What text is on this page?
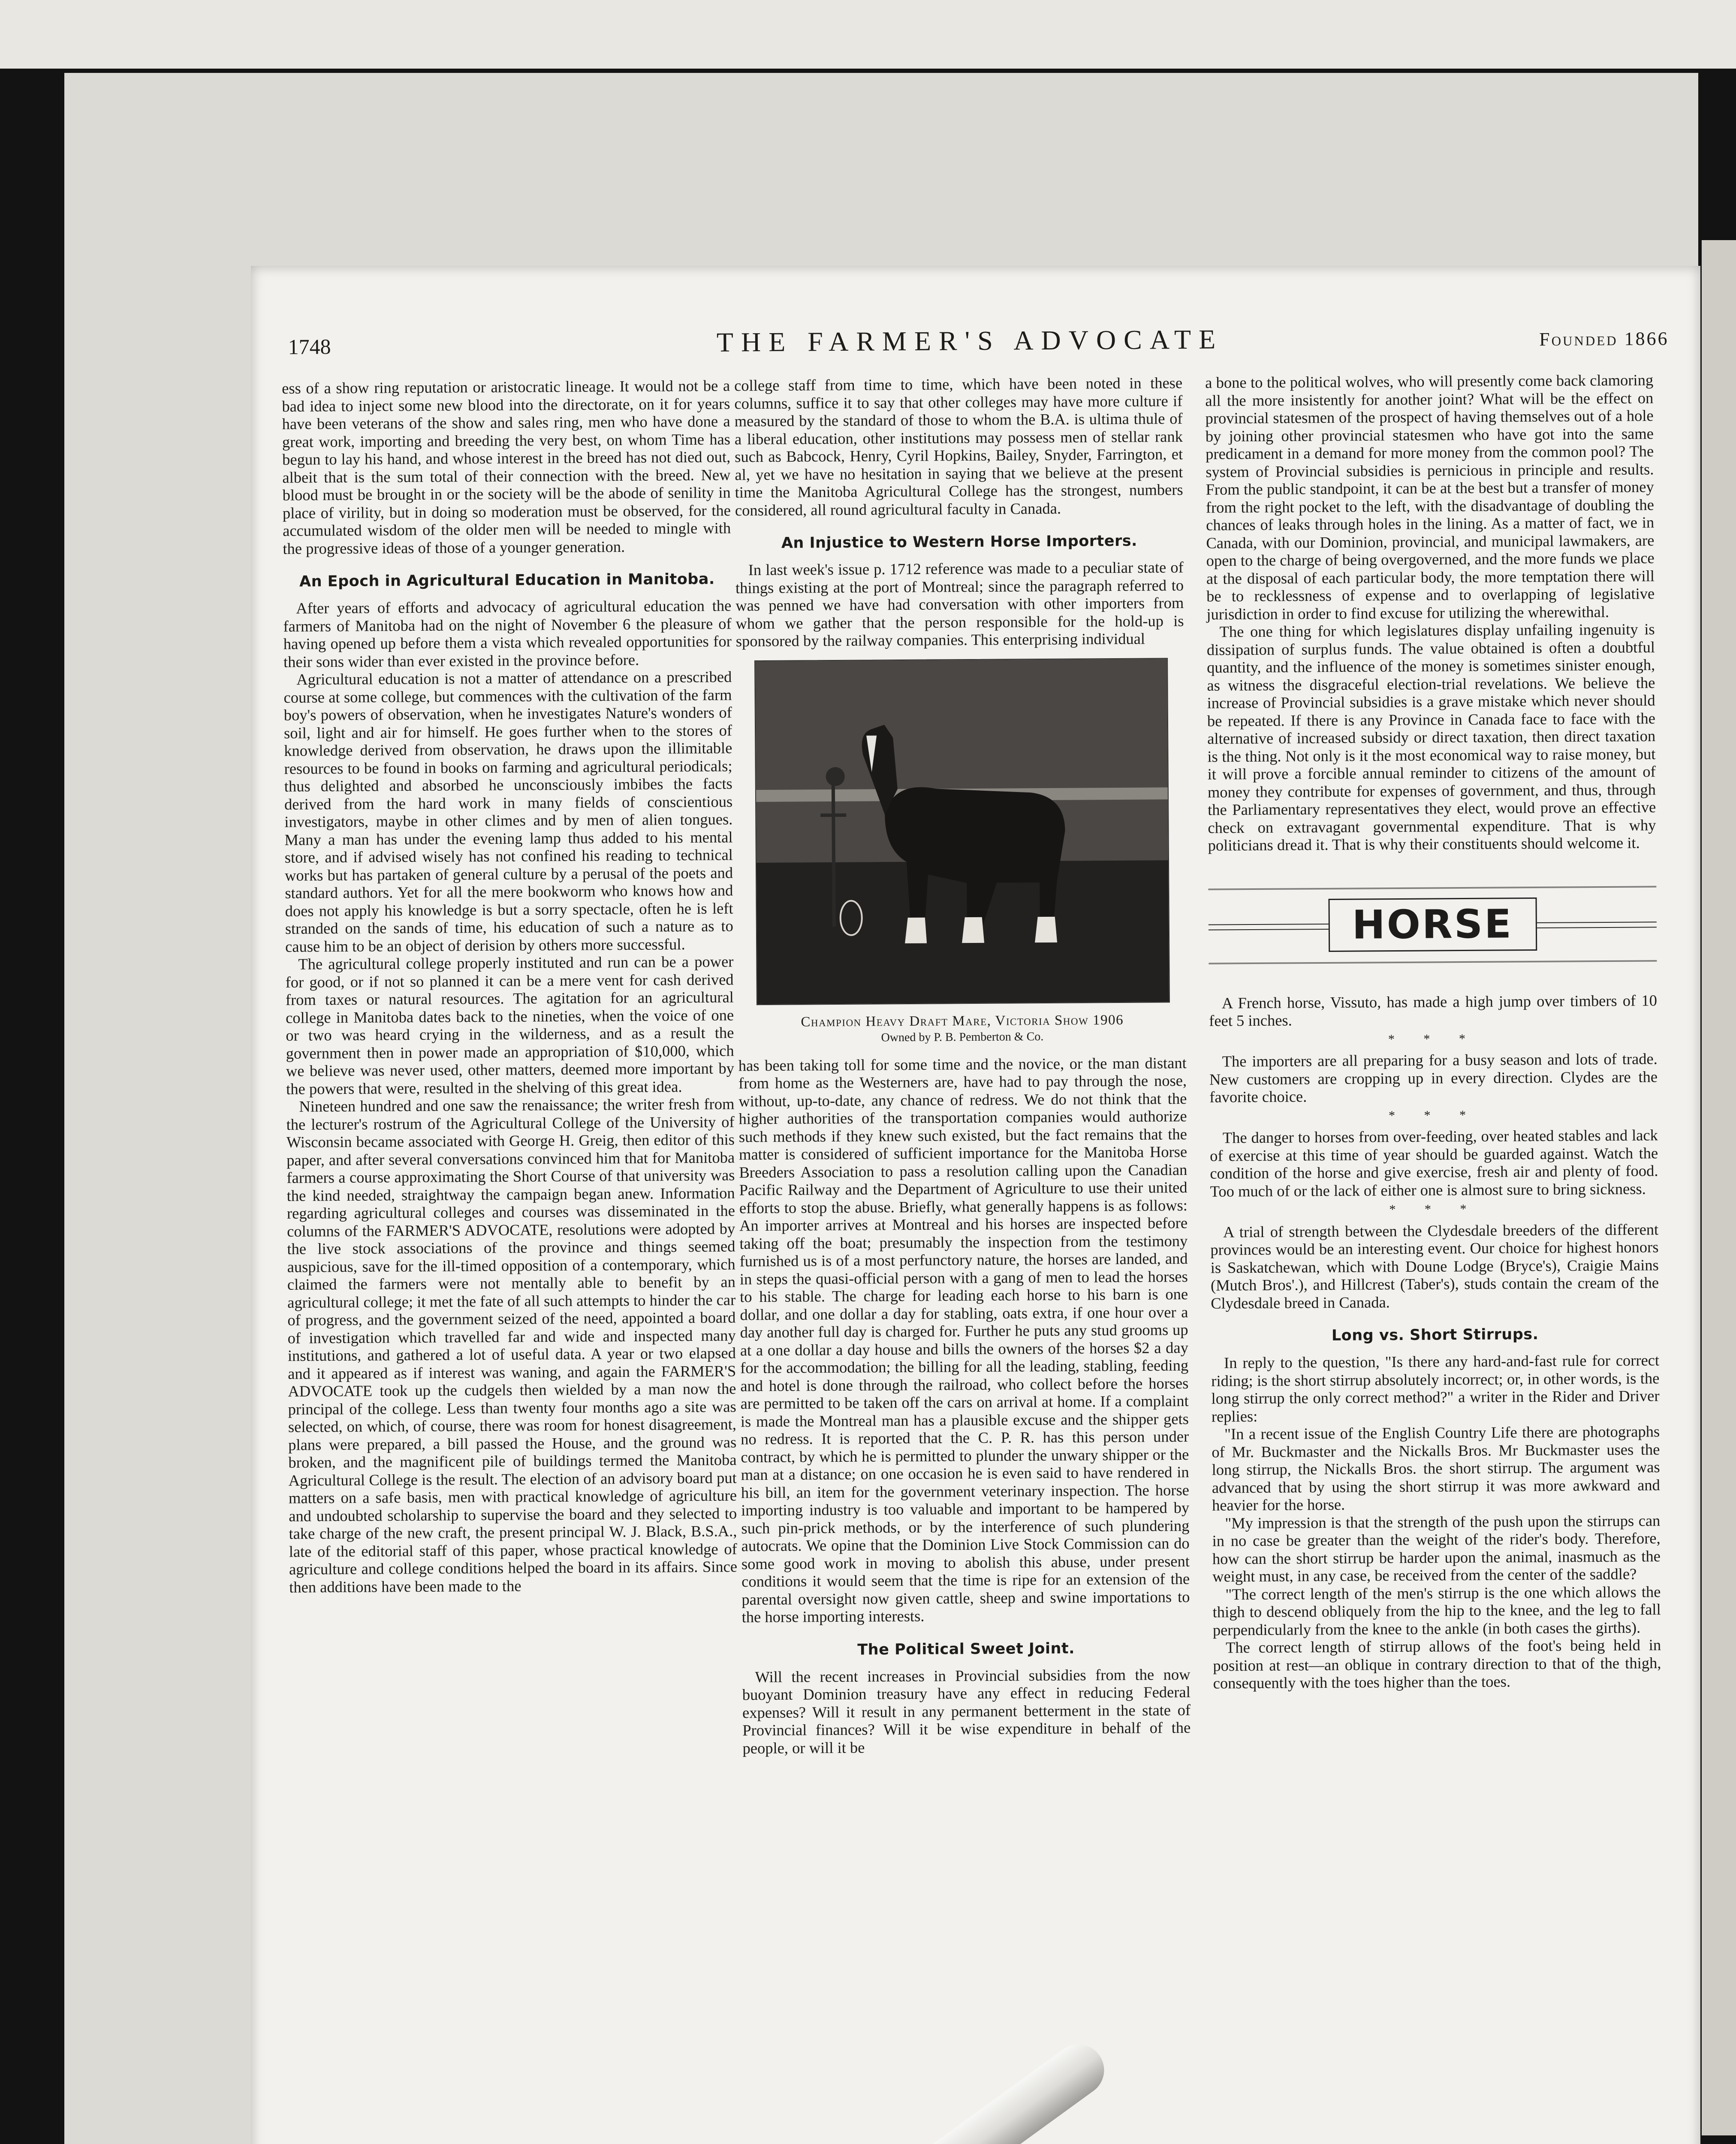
1748	THE FARMER'S ADVOCATE	Founded 1866

ess of a show ring reputation or aristocratic lineage. It would not be a bad idea to inject some new blood into the directorate, on it for years have been veterans of the show and sales ring, men who have done a great work, importing and breeding the very best, on whom Time has begun to lay his hand, and whose interest in the breed has not died out, albeit that is the sum total of their connection with the breed. New blood must be brought in or the society will be the abode of senility in place of virility, but in doing so moderation must be observed, for the accumulated wisdom of the older men will be needed to mingle with the progressive ideas of those of a younger generation.

An Epoch in Agricultural Education in Manitoba.

After years of efforts and advocacy of agricultural education the farmers of Manitoba had on the night of November 6 the pleasure of having opened up before them a vista which revealed opportunities for their sons wider than ever existed in the province before.

Agricultural education is not a matter of attendance on a prescribed course at some college, but commences with the cultivation of the farm boy's powers of observation, when he investigates Nature's wonders of soil, light and air for himself. He goes further when to the stores of knowledge derived from observation, he draws upon the illimitable resources to be found in books on farming and agricultural periodicals; thus delighted and absorbed he unconsciously imbibes the facts derived from the hard work in many fields of conscientious investigators, maybe in other climes and by men of alien tongues. Many a man has under the evening lamp thus added to his mental store, and if advised wisely has not confined his reading to technical works but has partaken of general culture by a perusal of the poets and standard authors. Yet for all the mere bookworm who knows how and does not apply his knowledge is but a sorry spectacle, often he is left stranded on the sands of time, his education of such a nature as to cause him to be an object of derision by others more successful.

The agricultural college properly instituted and run can be a power for good, or if not so planned it can be a mere vent for cash derived from taxes or natural resources. The agitation for an agricultural college in Manitoba dates back to the nineties, when the voice of one or two was heard crying in the wilderness, and as a result the government then in power made an appropriation of $10,000, which we believe was never used, other matters, deemed more important by the powers that were, resulted in the shelving of this great idea.

Nineteen hundred and one saw the renaissance; the writer fresh from the lecturer's rostrum of the Agricultural College of the University of Wisconsin became associated with George H. Greig, then editor of this paper, and after several conversations convinced him that for Manitoba farmers a course approximating the Short Course of that university was the kind needed, straightway the campaign began anew. Information regarding agricultural colleges and courses was disseminated in the columns of the FARMER'S ADVOCATE, resolutions were adopted by the live stock associations of the province and things seemed auspicious, save for the ill-timed opposition of a contemporary, which claimed the farmers were not mentally able to benefit by an agricultural college; it met the fate of all such attempts to hinder the car of progress, and the government seized of the need, appointed a board of investigation which travelled far and wide and inspected many institutions, and gathered a lot of useful data. A year or two elapsed and it appeared as if interest was waning, and again the FARMER'S ADVOCATE took up the cudgels then wielded by a man now the principal of the college. Less than twenty four months ago a site was selected, on which, of course, there was room for honest disagreement, plans were prepared, a bill passed the House, and the ground was broken, and the magnificent pile of buildings termed the Manitoba Agricultural College is the result. The election of an advisory board put matters on a safe basis, men with practical knowledge of agriculture and undoubted scholarship to supervise the board and they selected to take charge of the new craft, the present principal W. J. Black, B.S.A., late of the editorial staff of this paper, whose practical knowledge of agriculture and college conditions helped the board in its affairs. Since then additions have been made to the

college staff from time to time, which have been noted in these columns, suffice it to say that other colleges may have more culture if measured by the standard of those to whom the B.A. is ultima thule of a liberal education, other institutions may possess men of stellar rank such as Babcock, Henry, Cyril Hopkins, Bailey, Snyder, Farrington, et al, yet we have no hesitation in saying that we believe at the present time the Manitoba Agricultural College has the strongest, numbers considered, all round agricultural faculty in Canada.

An Injustice to Western Horse Importers.

In last week's issue p. 1712 reference was made to a peculiar state of things existing at the port of Montreal; since the paragraph referred to was penned we have had conversation with other importers from whom we gather that the person responsible for the hold-up is sponsored by the railway companies. This enterprising individual

Champion Heavy Draft Mare, Victoria Show 1906
Owned by P. B. Pemberton & Co.

has been taking toll for some time and the novice, or the man distant from home as the Westerners are, have had to pay through the nose, without, up-to-date, any chance of redress. We do not think that the higher authorities of the transportation companies would authorize such methods if they knew such existed, but the fact remains that the matter is considered of sufficient importance for the Manitoba Horse Breeders Association to pass a resolution calling upon the Canadian Pacific Railway and the Department of Agriculture to use their united efforts to stop the abuse. Briefly, what generally happens is as follows: An importer arrives at Montreal and his horses are inspected before taking off the boat; presumably the inspection from the testimony furnished us is of a most perfunctory nature, the horses are landed, and in steps the quasi-official person with a gang of men to lead the horses to his stable. The charge for leading each horse to his barn is one dollar, and one dollar a day for stabling, oats extra, if one hour over a day another full day is charged for. Further he puts any stud grooms up at a one dollar a day house and bills the owners of the horses $2 a day for the accommodation; the billing for all the leading, stabling, feeding and hotel is done through the railroad, who collect before the horses are permitted to be taken off the cars on arrival at home. If a complaint is made the Montreal man has a plausible excuse and the shipper gets no redress. It is reported that the C. P. R. has this person under contract, by which he is permitted to plunder the unwary shipper or the man at a distance; on one occasion he is even said to have rendered in his bill, an item for the government veterinary inspection. The horse importing industry is too valuable and important to be hampered by such pin-prick methods, or by the interference of such plundering autocrats. We opine that the Dominion Live Stock Commission can do some good work in moving to abolish this abuse, under present conditions it would seem that the time is ripe for an extension of the parental oversight now given cattle, sheep and swine importations to the horse importing interests.

The Political Sweet Joint.

Will the recent increases in Provincial subsidies from the now buoyant Dominion treasury have any effect in reducing Federal expenses? Will it result in any permanent betterment in the state of Provincial finances? Will it be wise expenditure in behalf of the people, or will it be

a bone to the political wolves, who will presently come back clamoring all the more insistently for another joint? What will be the effect on provincial statesmen of the prospect of having themselves out of a hole by joining other provincial statesmen who have got into the same predicament in a demand for more money from the common pool? The system of Provincial subsidies is pernicious in principle and results. From the public standpoint, it can be at the best but a transfer of money from the right pocket to the left, with the disadvantage of doubling the chances of leaks through holes in the lining. As a matter of fact, we in Canada, with our Dominion, provincial, and municipal lawmakers, are open to the charge of being overgoverned, and the more funds we place at the disposal of each particular body, the more temptation there will be to recklessness of expense and to overlapping of legislative jurisdiction in order to find excuse for utilizing the wherewithal.

The one thing for which legislatures display unfailing ingenuity is dissipation of surplus funds. The value obtained is often a doubtful quantity, and the influence of the money is sometimes sinister enough, as witness the disgraceful election-trial revelations. We believe the increase of Provincial subsidies is a grave mistake which never should be repeated. If there is any Province in Canada face to face with the alternative of increased subsidy or direct taxation, then direct taxation is the thing. Not only is it the most economical way to raise money, but it will prove a forcible annual reminder to citizens of the amount of money they contribute for expenses of government, and thus, through the Parliamentary representatives they elect, would prove an effective check on extravagant governmental expenditure. That is why politicians dread it. That is why their constituents should welcome it.

HORSE

A French horse, Vissuto, has made a high jump over timbers of 10 feet 5 inches.

* * *

The importers are all preparing for a busy season and lots of trade. New customers are cropping up in every direction. Clydes are the favorite choice.

* * *

The danger to horses from over-feeding, over heated stables and lack of exercise at this time of year should be guarded against. Watch the condition of the horse and give exercise, fresh air and plenty of food. Too much of or the lack of either one is almost sure to bring sickness.

* * *

A trial of strength between the Clydesdale breeders of the different provinces would be an interesting event. Our choice for highest honors is Saskatchewan, which with Doune Lodge (Bryce's), Craigie Mains (Mutch Bros'.), and Hillcrest (Taber's), studs contain the cream of the Clydesdale breed in Canada.

Long vs. Short Stirrups.

In reply to the question, "Is there any hard-and-fast rule for correct riding; is the short stirrup absolutely incorrect; or, in other words, is the long stirrup the only correct method?" a writer in the Rider and Driver replies:

"In a recent issue of the English Country Life there are photographs of Mr. Buckmaster and the Nickalls Bros. Mr Buckmaster uses the long stirrup, the Nickalls Bros. the short stirrup. The argument was advanced that by using the short stirrup it was more awkward and heavier for the horse.

"My impression is that the strength of the push upon the stirrups can in no case be greater than the weight of the rider's body. Therefore, how can the short stirrup be harder upon the animal, inasmuch as the weight must, in any case, be received from the center of the saddle?

"The correct length of the men's stirrup is the one which allows the thigh to descend obliquely from the hip to the knee, and the leg to fall perpendicularly from the knee to the ankle (in both cases the girths).

The correct length of stirrup allows of the foot's being held in position at rest—an oblique in contrary direction to that of the thigh, consequently with the toes higher than the toes.
